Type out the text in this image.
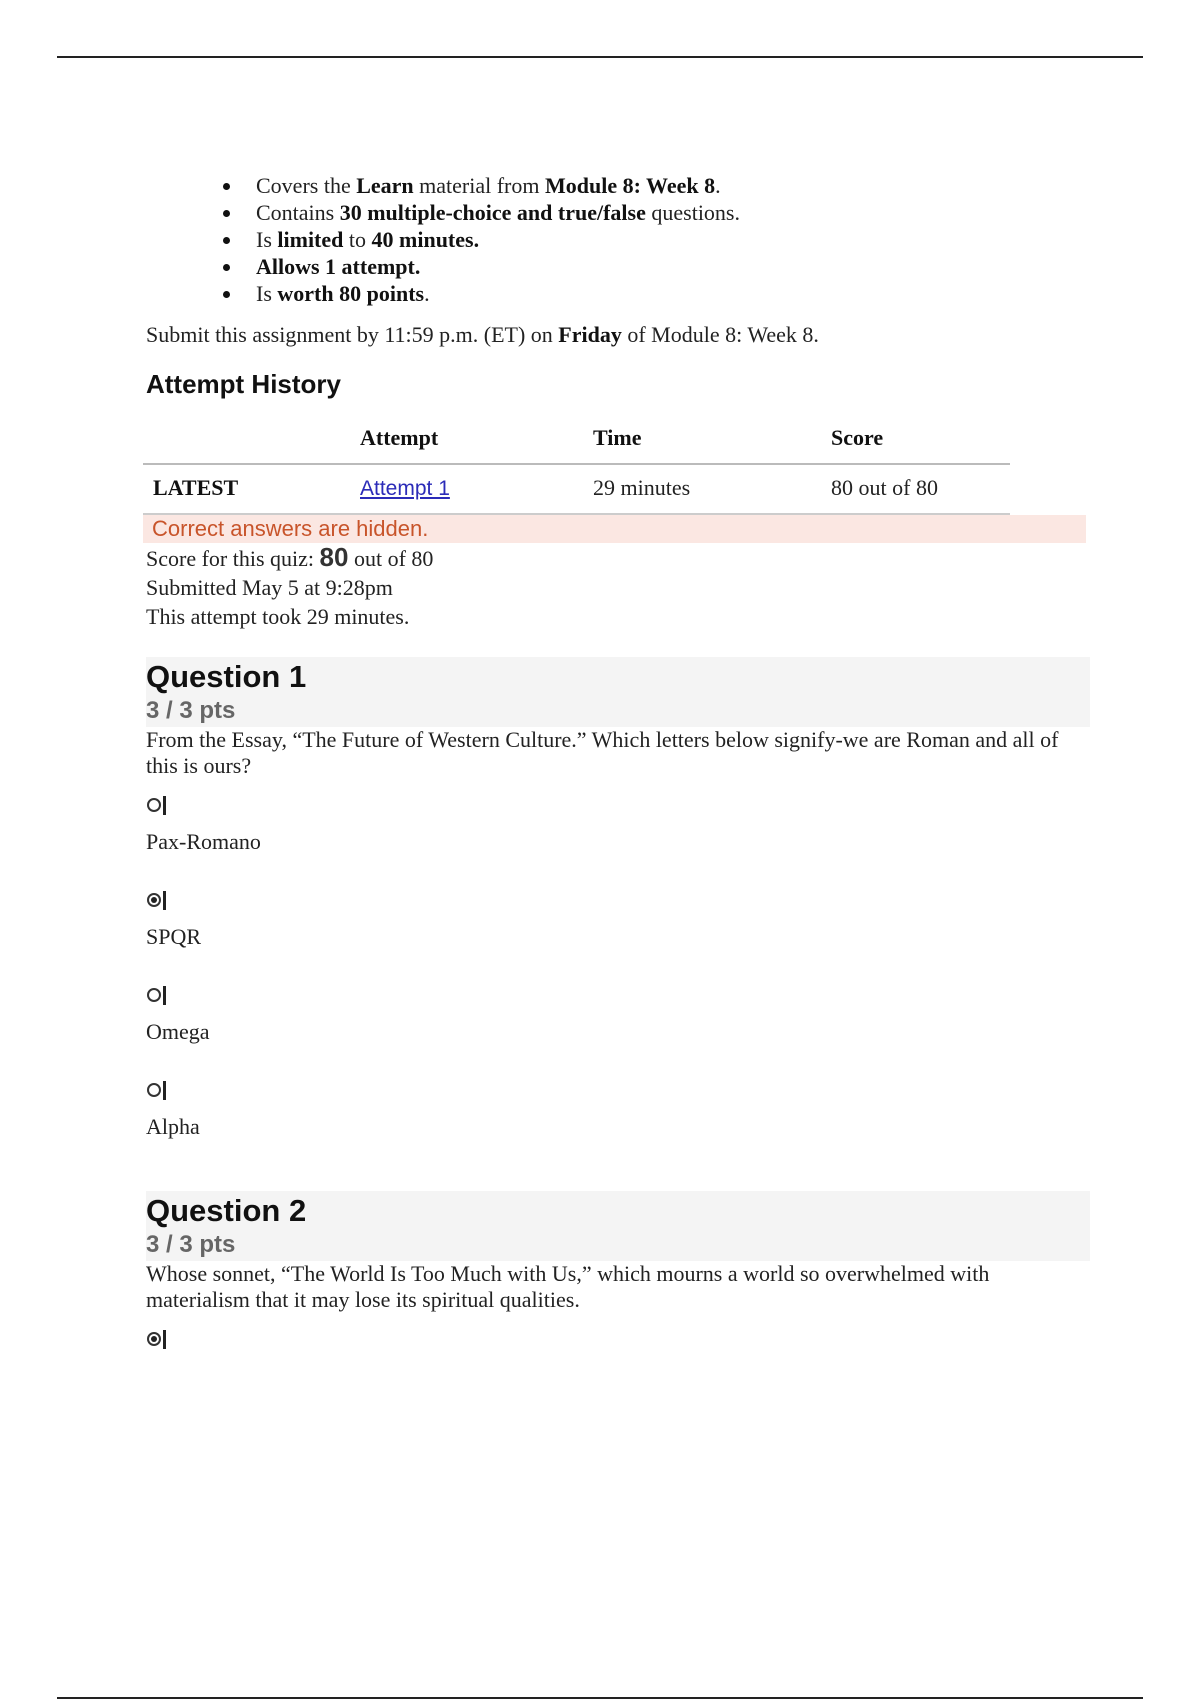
Covers the Learn material from Module 8: Week 8.
Contains 30 multiple-choice and true/false questions.
Is limited to 40 minutes.
Allows 1 attempt.
Is worth 80 points.
Submit this assignment by 11:59 p.m. (ET) on Friday of Module 8: Week 8.
Attempt History
	Attempt	Time	Score
LATEST	Attempt 1	29 minutes	80 out of 80
Correct answers are hidden.
Score for this quiz: 80 out of 80
Submitted May 5 at 9:28pm
This attempt took 29 minutes.
Question 1
3 / 3 pts
From the Essay, “The Future of Western Culture.” Which letters below signify-we are Roman and all of this is ours?
Pax-Romano
SPQR
Omega
Alpha
Question 2
3 / 3 pts
Whose sonnet, “The World Is Too Much with Us,” which mourns a world so overwhelmed with materialism that it may lose its spiritual qualities.
